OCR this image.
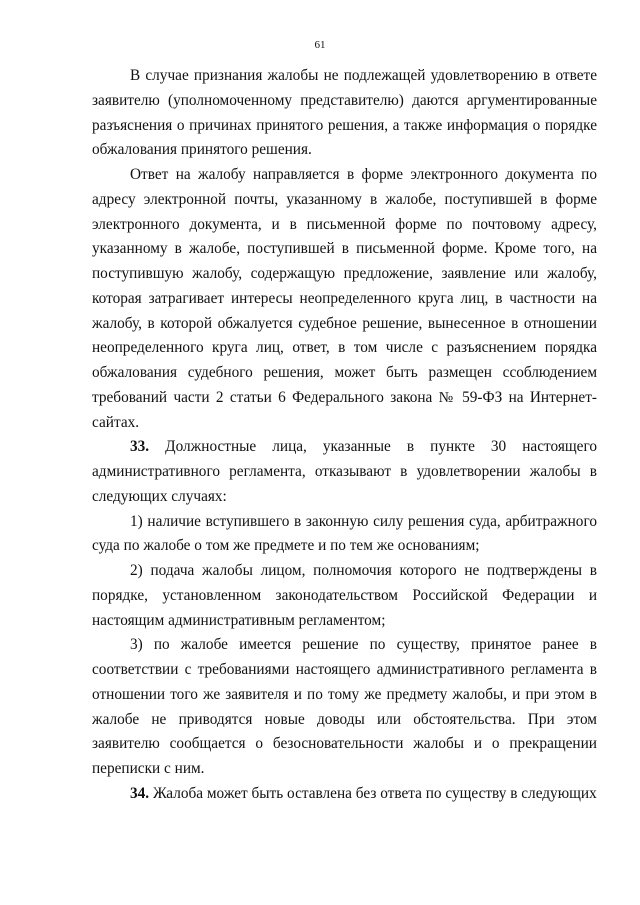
61

В случае признания жалобы не подлежащей удовлетворению в ответе заявителю (уполномоченному представителю) даются аргументированные разъяснения о причинах принятого решения, а также информация о порядке обжалования принятого решения.

Ответ на жалобу направляется в форме электронного документа по адресу электронной почты, указанному в жалобе, поступившей в форме электронного документа, и в письменной форме по почтовому адресу, указанному в жалобе, поступившей в письменной форме. Кроме того, на поступившую жалобу, содержащую предложение, заявление или жалобу, которая затрагивает интересы неопределенного круга лиц, в частности на жалобу, в которой обжалуется судебное решение, вынесенное в отношении неопределенного круга лиц, ответ, в том числе с разъяснением порядка обжалования судебного решения, может быть размещен ссоблюдением требований части 2 статьи 6 Федерального закона № 59-ФЗ на Интернет- сайтах.

33. Должностные лица, указанные в пункте 30 настоящего административного регламента, отказывают в удовлетворении жалобы в следующих случаях:

1) наличие вступившего в законную силу решения суда, арбитражного суда по жалобе о том же предмете и по тем же основаниям;

2) подача жалобы лицом, полномочия которого не подтверждены в порядке, установленном законодательством Российской Федерации и настоящим административным регламентом;

3) по жалобе имеется решение по существу, принятое ранее в соответствии с требованиями настоящего административного регламента в отношении того же заявителя и по тому же предмету жалобы, и при этом в жалобе не приводятся новые доводы или обстоятельства. При этом заявителю сообщается о безосновательности жалобы и о прекращении переписки с ним.

34. Жалоба может быть оставлена без ответа по существу в следующих
